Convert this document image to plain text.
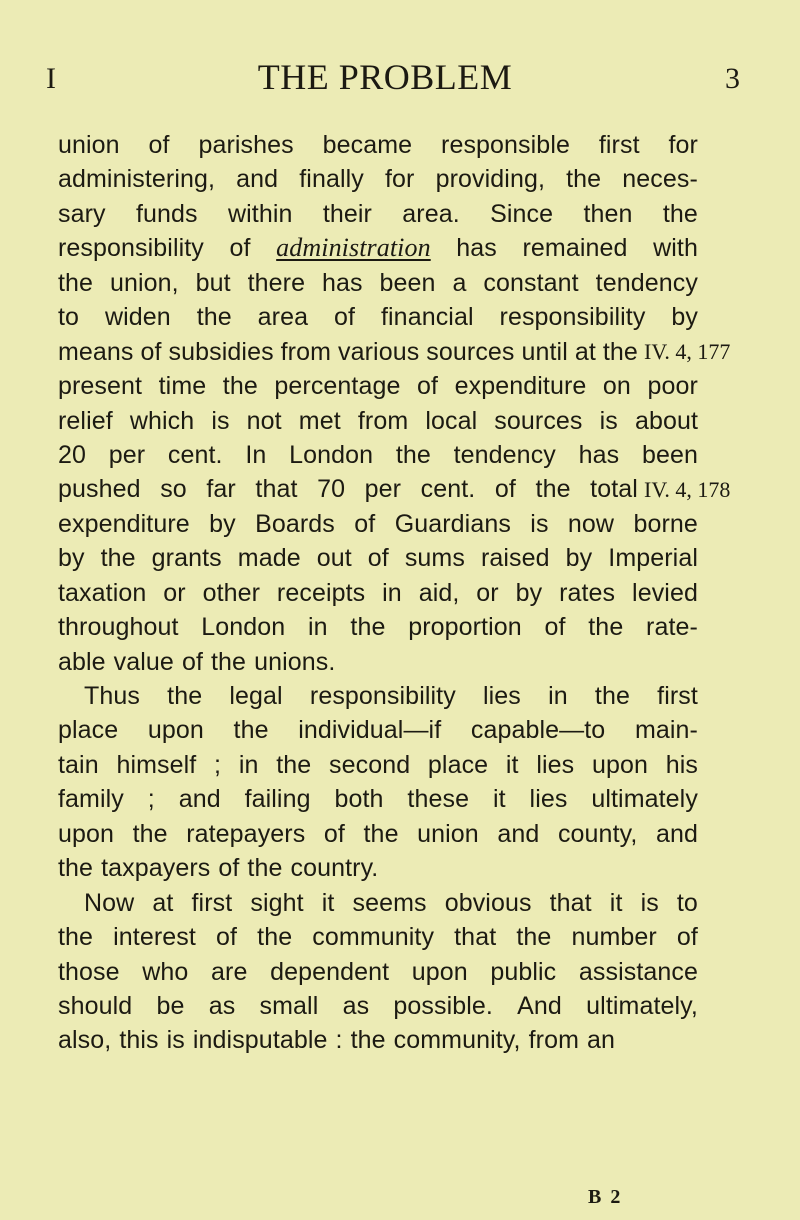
I	THE PROBLEM	3
union of parishes became responsible first for
administering, and finally for providing, the neces-
sary funds within their area. Since then the
responsibility of administration has remained with
the union, but there has been a constant tendency
to widen the area of financial responsibility by
means of subsidies from various sources until at the
present time the percentage of expenditure on poor
relief which is not met from local sources is about
20 per cent. In London the tendency has been
pushed so far that 70 per cent. of the total
expenditure by Boards of Guardians is now borne
by the grants made out of sums raised by Imperial
taxation or other receipts in aid, or by rates levied
throughout London in the proportion of the rate-
able value of the unions.
Thus the legal responsibility lies in the first
place upon the individual—if capable—to main-
tain himself ; in the second place it lies upon his
family ; and failing both these it lies ultimately
upon the ratepayers of the union and county, and
the taxpayers of the country.
Now at first sight it seems obvious that it is to
the interest of the community that the number of
those who are dependent upon public assistance
should be as small as possible. And ultimately,
also, this is indisputable : the community, from an
IV. 4, 177
IV. 4, 178
B 2
